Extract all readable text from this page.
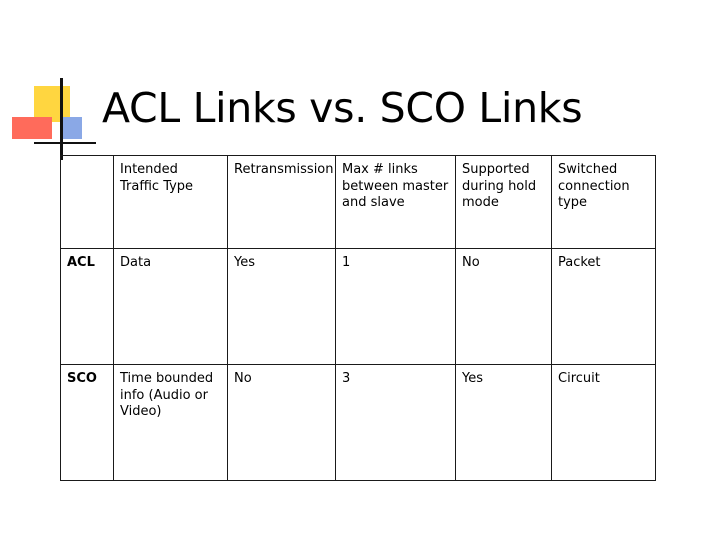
ACL Links vs. SCO Links
	Intended Traffic Type	Retransmission	Max # links between master and slave	Supported during hold mode	Switched connection type
ACL	Data	Yes	1	No	Packet
SCO	Time bounded info (Audio or Video)	No	3	Yes	Circuit
